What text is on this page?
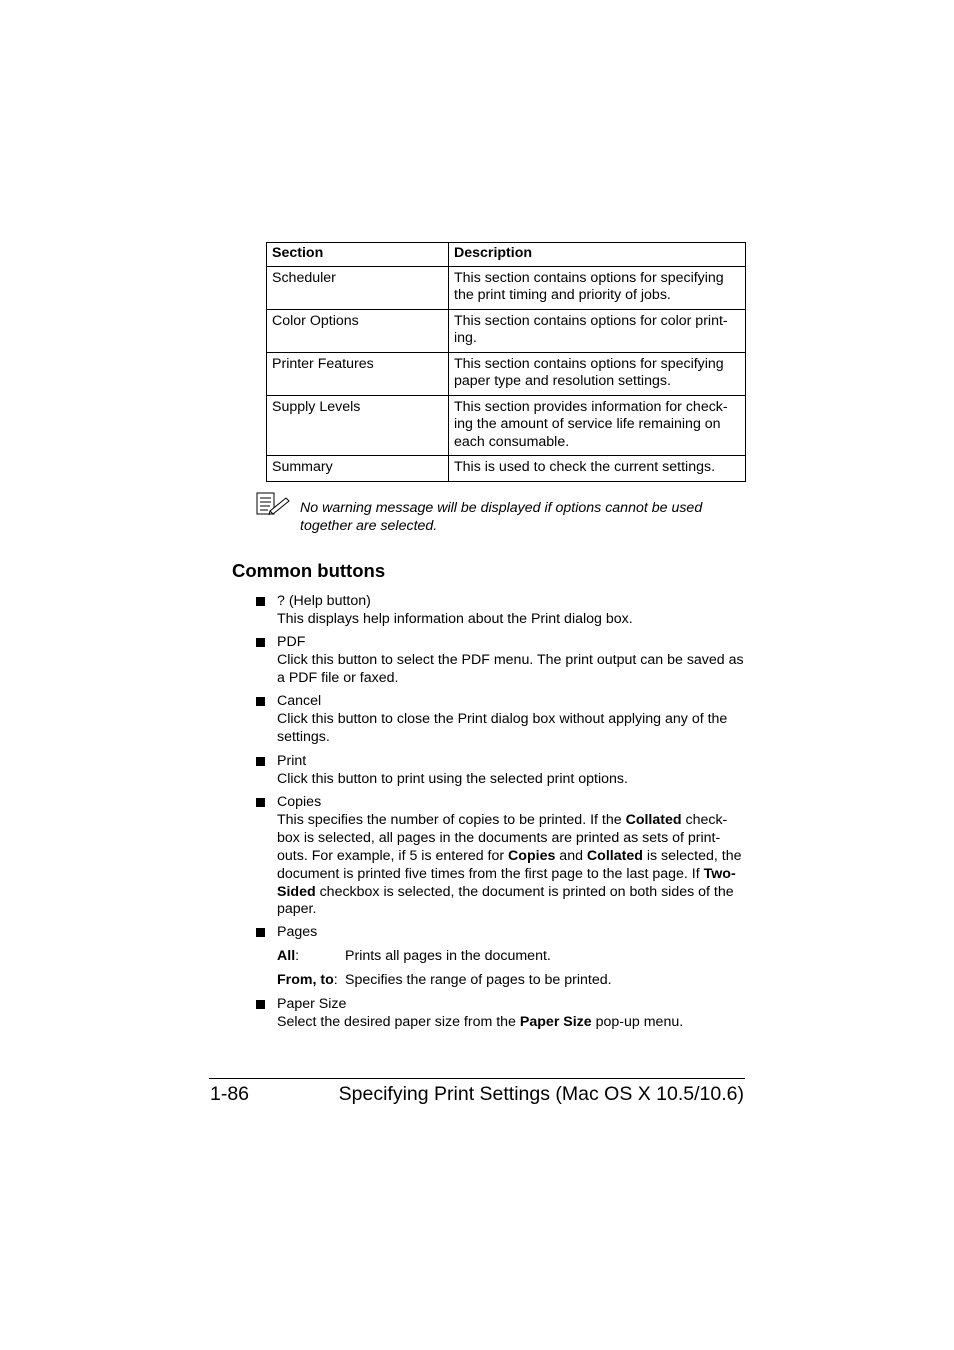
Section	Description
Scheduler	This section contains options for specifying the print timing and priority of jobs.
Color Options	This section contains options for color print-ing.
Printer Features	This section contains options for specifying paper type and resolution settings.
Supply Levels	This section provides information for check-ing the amount of service life remaining on each consumable.
Summary	This is used to check the current settings.
No warning message will be displayed if options cannot be used together are selected.
Common buttons
? (Help button)
This displays help information about the Print dialog box.
PDF
Click this button to select the PDF menu. The print output can be saved as a PDF file or faxed.
Cancel
Click this button to close the Print dialog box without applying any of the settings.
Print
Click this button to print using the selected print options.
Copies
This specifies the number of copies to be printed. If the Collated check-box is selected, all pages in the documents are printed as sets of print-outs. For example, if 5 is entered for Copies and Collated is selected, the document is printed five times from the first page to the last page. If Two-Sided checkbox is selected, the document is printed on both sides of the paper.
Pages
All:	Prints all pages in the document.
From, to: Specifies the range of pages to be printed.
Paper Size
Select the desired paper size from the Paper Size pop-up menu.
1-86	Specifying Print Settings (Mac OS X 10.5/10.6)
